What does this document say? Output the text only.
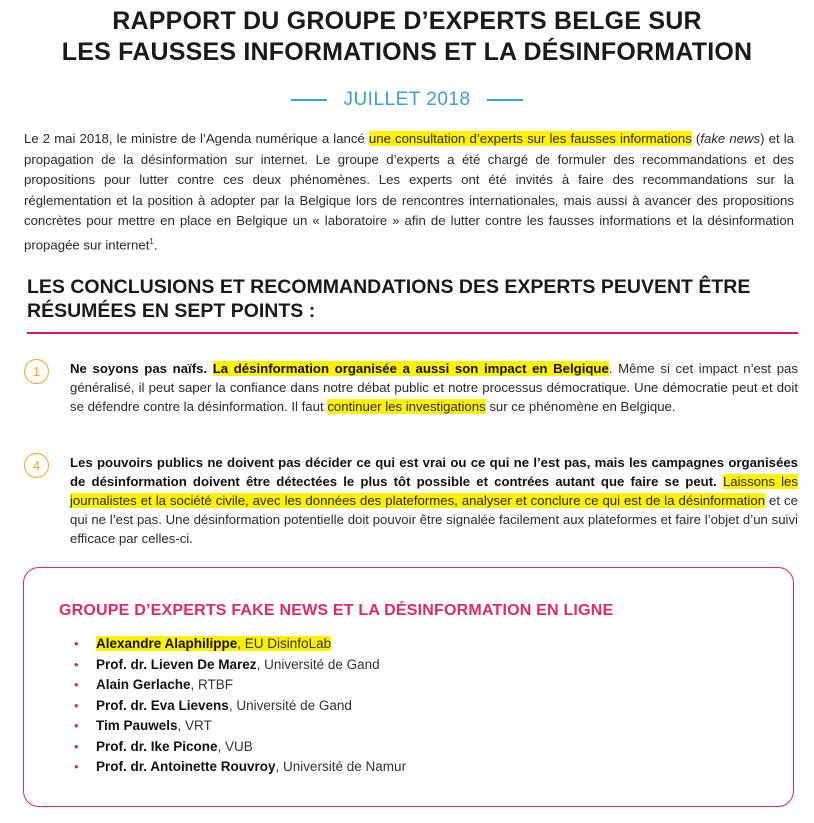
RAPPORT DU GROUPE D’EXPERTS BELGE SUR
LES FAUSSES INFORMATIONS ET LA DÉSINFORMATION
JUILLET 2018

Le 2 mai 2018, le ministre de l’Agenda numérique a lancé une consultation d’experts sur les fausses informations (fake news) et la propagation de la désinformation sur internet. Le groupe d’experts a été chargé de formuler des recommandations et des propositions pour lutter contre ces deux phénomènes. Les experts ont été invités à faire des recommandations sur la réglementation et la position à adopter par la Belgique lors de rencontres internationales, mais aussi à avancer des propositions concrètes pour mettre en place en Belgique un « laboratoire » afin de lutter contre les fausses informations et la désinformation propagée sur internet$^1$.

LES CONCLUSIONS ET RECOMMANDATIONS DES EXPERTS PEUVENT ÊTRE
RÉSUMÉES EN SEPT POINTS :
1	Ne soyons pas naïfs. La désinformation organisée a aussi son impact en Belgique. Même si cet impact n’est pas généralisé, il peut saper la confiance dans notre débat public et notre processus démocratique. Une démocratie peut et doit se défendre contre la désinformation. Il faut continuer les investigations sur ce phénomène en Belgique.

4	Les pouvoirs publics ne doivent pas décider ce qui est vrai ou ce qui ne l’est pas, mais les campagnes organisées de désinformation doivent être détectées le plus tôt possible et contrées autant que faire se peut. Laissons les journalistes et la société civile, avec les données des plateformes, analyser et conclure ce qui est de la désinformation et ce qui ne l’est pas. Une désinformation potentielle doit pouvoir être signalée facilement aux plateformes et faire l’objet d’un suivi efficace par celles-ci.

GROUPE D’EXPERTS FAKE NEWS ET LA DÉSINFORMATION EN LIGNE
• Alexandre Alaphilippe, EU DisinfoLab
• Prof. dr. Lieven De Marez, Université de Gand
• Alain Gerlache, RTBF
• Prof. dr. Eva Lievens, Université de Gand
• Tim Pauwels, VRT
• Prof. dr. Ike Picone, VUB
• Prof. dr. Antoinette Rouvroy, Université de Namur
